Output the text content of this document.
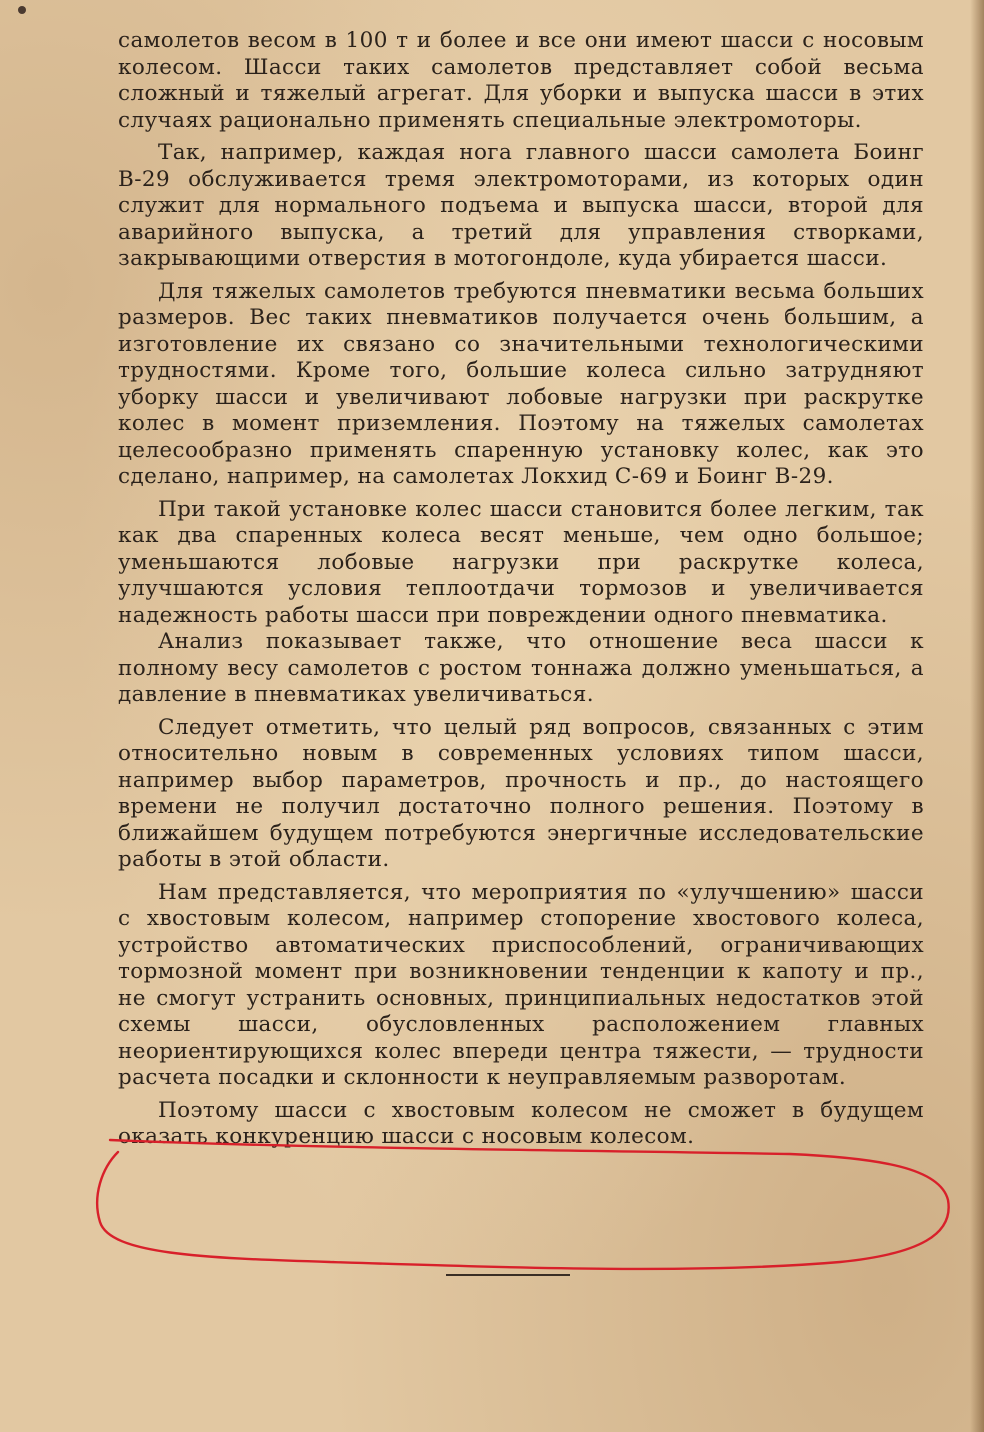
самолетов весом в 100 т и более и все они имеют шасси с носовым колесом. Шасси таких самолетов представляет собой весьма сложный и тяжелый агрегат. Для уборки и выпуска шасси в этих случаях рационально применять специальные электромоторы.

Так, например, каждая нога главного шасси самолета Боинг В-29 обслуживается тремя электромоторами, из которых один служит для нормального подъема и выпуска шасси, второй для аварийного выпуска, а третий для управления створками, закрывающими отверстия в мотогондоле, куда убирается шасси.

Для тяжелых самолетов требуются пневматики весьма больших размеров. Вес таких пневматиков получается очень большим, а изготовление их связано со значительными технологическими трудностями. Кроме того, большие колеса сильно затрудняют уборку шасси и увеличивают лобовые нагрузки при раскрутке колес в момент приземления. Поэтому на тяжелых самолетах целесообразно применять спаренную установку колес, как это сделано, например, на самолетах Локхид С-69 и Боинг В-29.

При такой установке колес шасси становится более легким, так как два спаренных колеса весят меньше, чем одно большое; уменьшаются лобовые нагрузки при раскрутке колеса, улучшаются условия теплоотдачи тормозов и увеличивается надежность работы шасси при повреждении одного пневматика.

Анализ показывает также, что отношение веса шасси к полному весу самолетов с ростом тоннажа должно уменьшаться, а давление в пневматиках увеличиваться.

Следует отметить, что целый ряд вопросов, связанных с этим относительно новым в современных условиях типом шасси, например выбор параметров, прочность и пр., до настоящего времени не получил достаточно полного решения. Поэтому в ближайшем будущем потребуются энергичные исследовательские работы в этой области.

Нам представляется, что мероприятия по «улучшению» шасси с хвостовым колесом, например стопорение хвостового колеса, устройство автоматических приспособлений, ограничивающих тормозной момент при возникновении тенденции к капоту и пр., не смогут устранить основных, принципиальных недостатков этой схемы шасси, обусловленных расположением главных неориентирующихся колес впереди центра тяжести, — трудности расчета посадки и склонности к неуправляемым разворотам.

Поэтому шасси с хвостовым колесом не сможет в будущем оказать конкуренцию шасси с носовым колесом.
